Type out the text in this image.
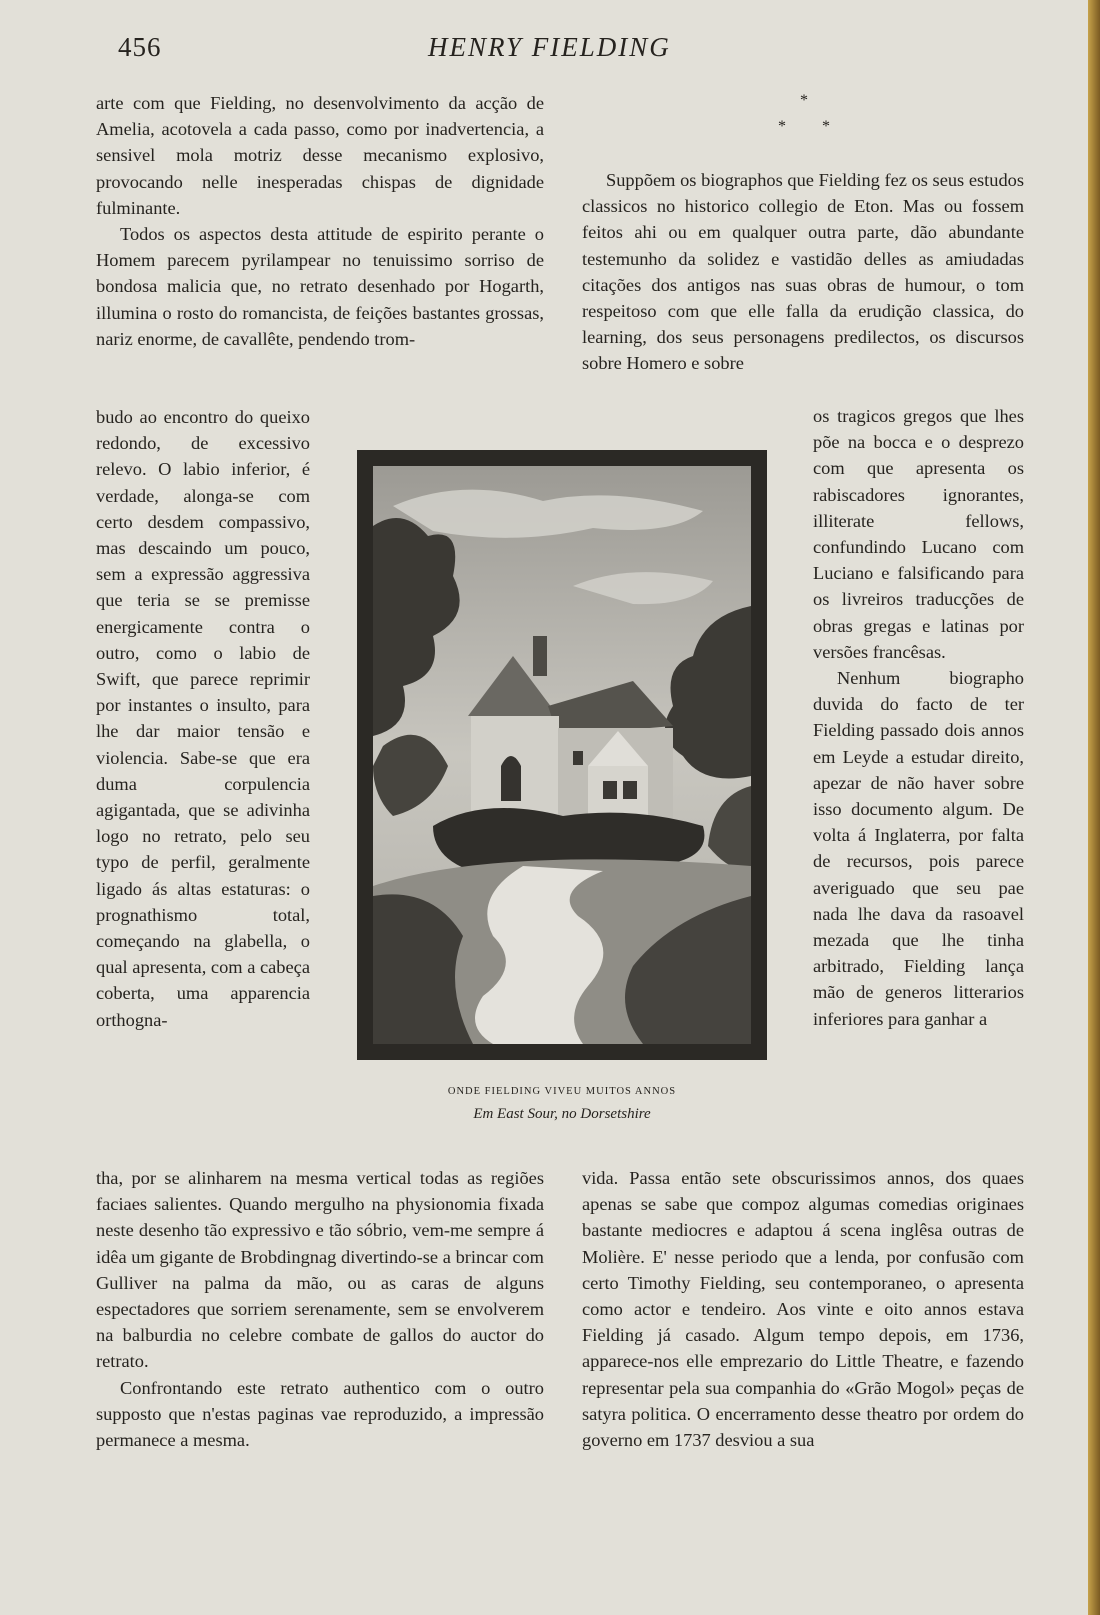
456	HENRY FIELDING

arte com que Fielding, no desenvolvimento da acção de Amelia, acotovela a cada passo, como por inadvertencia, a sensivel mola motriz desse mecanismo explosivo, provocando nelle inesperadas chispas de dignidade fulminante.

Todos os aspectos desta attitude de espirito perante o Homem parecem pyrilampear no tenuissimo sorriso de bondosa malicia que, no retrato desenhado por Hogarth, illumina o rosto do romancista, de feições bastantes grossas, nariz enorme, de cavallête, pendendo trom-

budo ao encontro do queixo redondo, de excessivo relevo. O labio inferior, é verdade, alonga-se com certo desdem compassivo, mas descaindo um pouco, sem a expressão aggressiva que teria se se premisse energicamente contra o outro, como o labio de Swift, que parece reprimir por instantes o insulto, para lhe dar maior tensão e violencia. Sabe-se que era duma corpulencia agigantada, que se adivinha logo no retrato, pelo seu typo de perfil, geralmente ligado ás altas estaturas: o prognathismo total, começando na glabella, o qual apresenta, com a cabeça coberta, uma apparencia orthogna-

tha, por se alinharem na mesma vertical todas as regiões faciaes salientes. Quando mergulho na physionomia fixada neste desenho tão expressivo e tão sóbrio, vem-me sempre á idêa um gigante de Brobdingnag divertindo-se a brincar com Gulliver na palma da mão, ou as caras de alguns espectadores que sorriem serenamente, sem se envolverem na balburdia no celebre combate de gallos do auctor do retrato.

Confrontando este retrato authentico com o outro supposto que n'estas paginas vae reproduzido, a impressão permanece a mesma.

*
* *

Suppõem os biographos que Fielding fez os seus estudos classicos no historico collegio de Eton. Mas ou fossem feitos ahi ou em qualquer outra parte, dão abundante testemunho da solidez e vastidão delles as amiudadas citações dos antigos nas suas obras de humour, o tom respeitoso com que elle falla da erudição classica, do learning, dos seus personagens predilectos, os discursos sobre Homero e sobre

os tragicos gregos que lhes põe na bocca e o desprezo com que apresenta os rabiscadores ignorantes, illiterate fellows, confundindo Lucano com Luciano e falsificando para os livreiros traducções de obras gregas e latinas por versões francêsas.

Nenhum biographo duvida do facto de ter Fielding passado dois annos em Leyde a estudar direito, apezar de não haver sobre isso documento algum. De volta á Inglaterra, por falta de recursos, pois parece averiguado que seu pae nada lhe dava da rasoavel mezada que lhe tinha arbitrado, Fielding lança mão de generos litterarios inferiores para ganhar a

vida. Passa então sete obscurissimos annos, dos quaes apenas se sabe que compoz algumas comedias originaes bastante mediocres e adaptou á scena inglêsa outras de Molière. E' nesse periodo que a lenda, por confusão com certo Timothy Fielding, seu contemporaneo, o apresenta como actor e tendeiro. Aos vinte e oito annos estava Fielding já casado. Algum tempo depois, em 1736, apparece-nos elle emprezario do Little Theatre, e fazendo representar pela sua companhia do «Grão Mogol» peças de satyra politica. O encerramento desse theatro por ordem do governo em 1737 desviou a sua

ONDE FIELDING VIVEU MUITOS ANNOS
Em East Sour, no Dorsetshire
